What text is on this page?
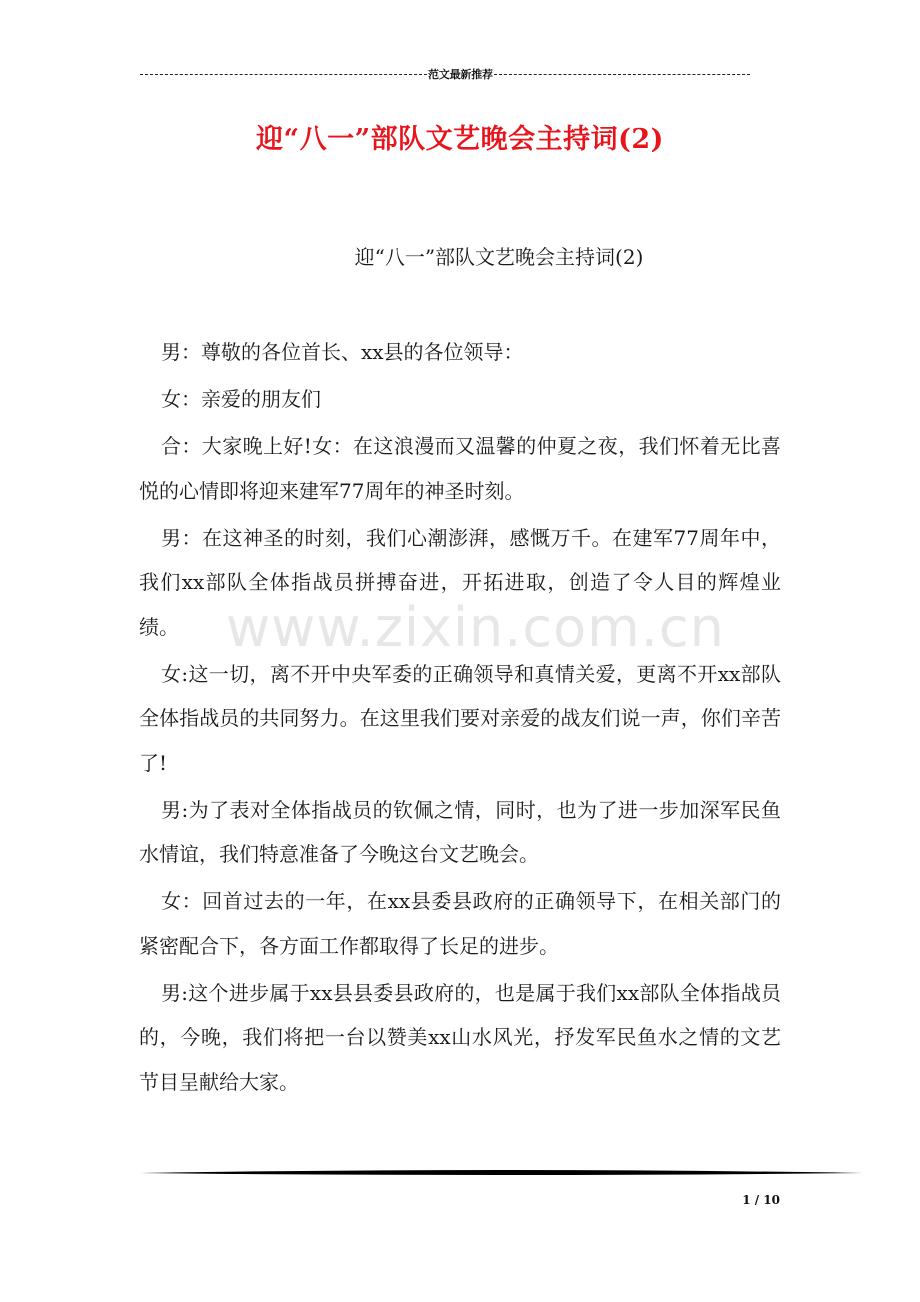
范文最新推荐
迎“八一”部队文艺晚会主持词(2)
迎“八一”部队文艺晚会主持词(2)

男：尊敬的各位首长、xx县的各位领导：

女：亲爱的朋友们

合：大家晚上好!女：在这浪漫而又温馨的仲夏之夜，我们怀着无比喜悦的心情即将迎来建军77周年的神圣时刻。

男：在这神圣的时刻，我们心潮澎湃，感慨万千。在建军77周年中，我们xx部队全体指战员拼搏奋进，开拓进取，创造了令人目的辉煌业绩。

女:这一切，离不开中央军委的正确领导和真情关爱，更离不开xx部队全体指战员的共同努力。在这里我们要对亲爱的战友们说一声，你们辛苦了!

男:为了表对全体指战员的钦佩之情，同时，也为了进一步加深军民鱼水情谊，我们特意准备了今晚这台文艺晚会。

女：回首过去的一年，在xx县委县政府的正确领导下，在相关部门的紧密配合下，各方面工作都取得了长足的进步。

男:这个进步属于xx县县委县政府的，也是属于我们xx部队全体指战员的，今晚，我们将把一台以赞美xx山水风光，抒发军民鱼水之情的文艺节目呈献给大家。

www.zixin.com.cn
1 / 10
